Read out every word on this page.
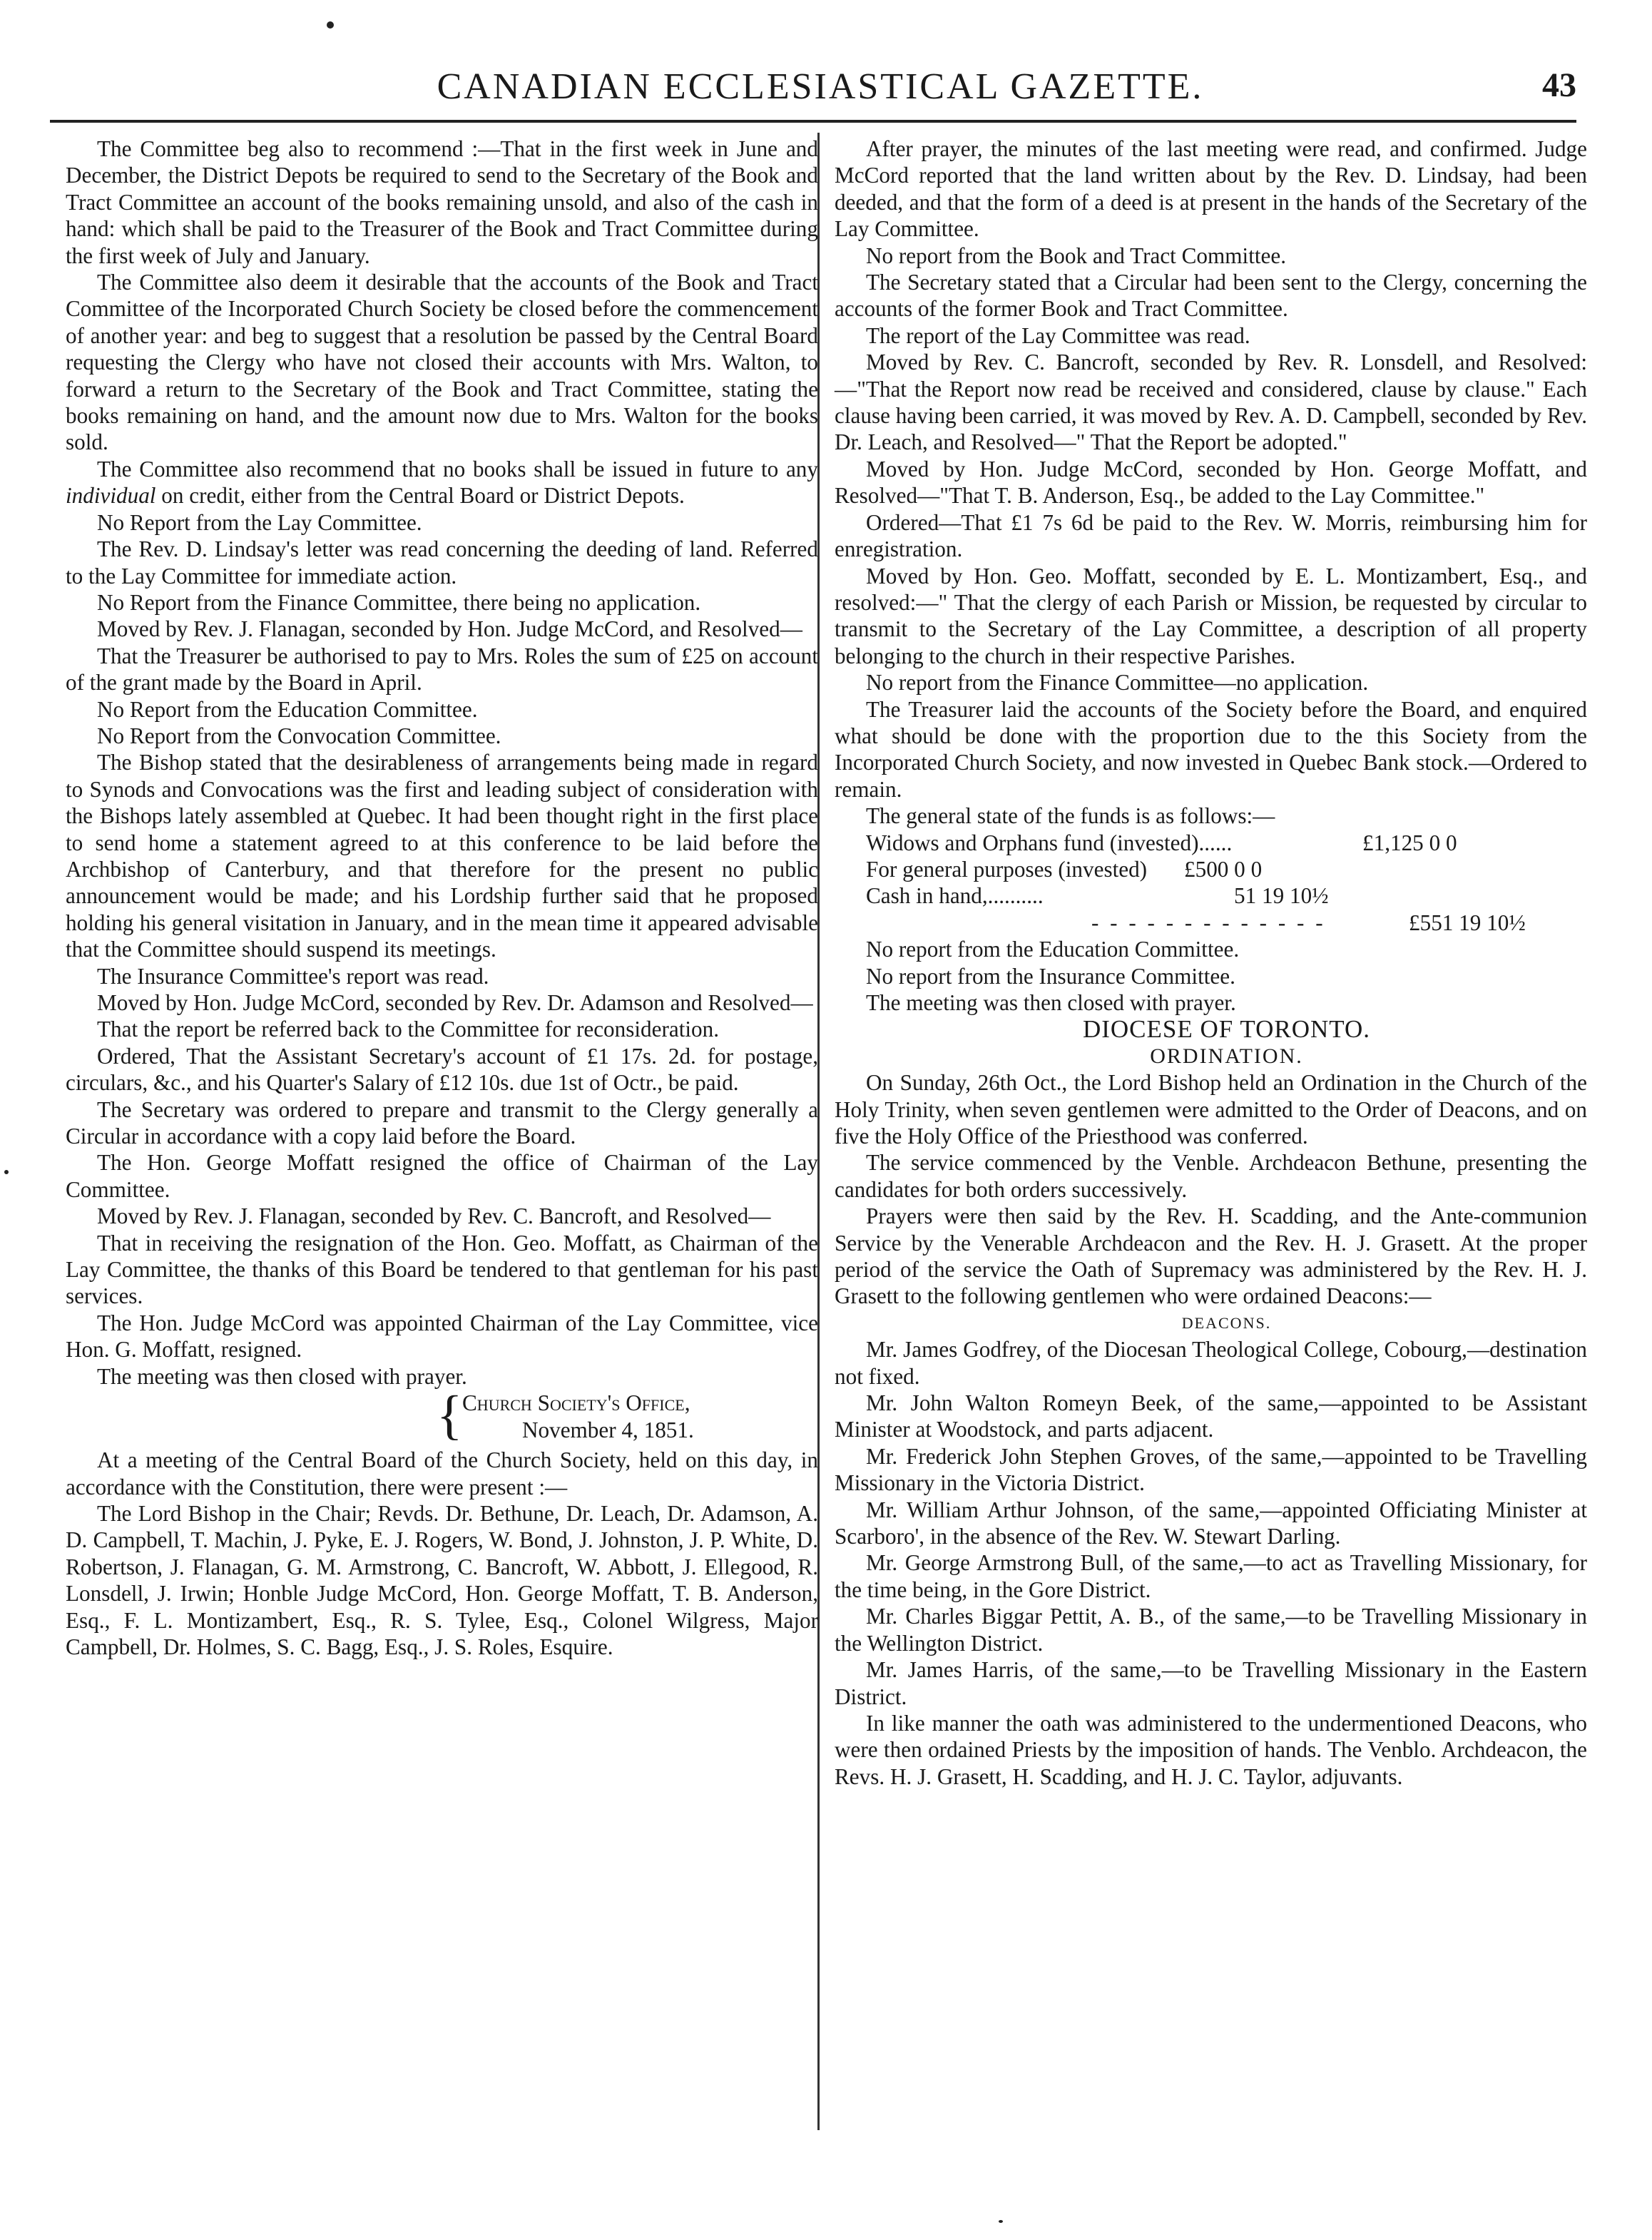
CANADIAN ECCLESIASTICAL GAZETTE.	43

The Committee beg also to recommend :—That in the first week in June and December, the District Depots be required to send to the Secretary of the Book and Tract Committee an account of the books remaining unsold, and also of the cash in hand: which shall be paid to the Treasurer of the Book and Tract Committee during the first week of July and January.

The Committee also deem it desirable that the accounts of the Book and Tract Committee of the Incorporated Church Society be closed before the commencement of another year: and beg to suggest that a resolution be passed by the Central Board requesting the Clergy who have not closed their accounts with Mrs. Walton, to forward a return to the Secretary of the Book and Tract Committee, stating the books remaining on hand, and the amount now due to Mrs. Walton for the books sold.

The Committee also recommend that no books shall be issued in future to any individual on credit, either from the Central Board or District Depots.

No Report from the Lay Committee.

The Rev. D. Lindsay's letter was read concerning the deeding of land. Referred to the Lay Committee for immediate action.

No Report from the Finance Committee, there being no application.

Moved by Rev. J. Flanagan, seconded by Hon. Judge McCord, and Resolved—

That the Treasurer be authorised to pay to Mrs. Roles the sum of £25 on account of the grant made by the Board in April.

No Report from the Education Committee.

No Report from the Convocation Committee.

The Bishop stated that the desirableness of arrangements being made in regard to Synods and Convocations was the first and leading subject of consideration with the Bishops lately assembled at Quebec. It had been thought right in the first place to send home a statement agreed to at this conference to be laid before the Archbishop of Canterbury, and that therefore for the present no public announcement would be made; and his Lordship further said that he proposed holding his general visitation in January, and in the mean time it appeared advisable that the Committee should suspend its meetings.

The Insurance Committee's report was read.

Moved by Hon. Judge McCord, seconded by Rev. Dr. Adamson and Resolved—

That the report be referred back to the Committee for reconsideration.

Ordered, That the Assistant Secretary's account of £1 17s. 2d. for postage, circulars, &c., and his Quarter's Salary of £12 10s. due 1st of Octr., be paid.

The Secretary was ordered to prepare and transmit to the Clergy generally a Circular in accordance with a copy laid before the Board.

The Hon. George Moffatt resigned the office of Chairman of the Lay Committee.

Moved by Rev. J. Flanagan, seconded by Rev. C. Bancroft, and Resolved—

That in receiving the resignation of the Hon. Geo. Moffatt, as Chairman of the Lay Committee, the thanks of this Board be tendered to that gentleman for his past services.

The Hon. Judge McCord was appointed Chairman of the Lay Committee, vice Hon. G. Moffatt, resigned.

The meeting was then closed with prayer.

{ Church Society's Office,
November 4, 1851.

At a meeting of the Central Board of the Church Society, held on this day, in accordance with the Constitution, there were present :—

The Lord Bishop in the Chair; Revds. Dr. Bethune, Dr. Leach, Dr. Adamson, A. D. Campbell, T. Machin, J. Pyke, E. J. Rogers, W. Bond, J. Johnston, J. P. White, D. Robertson, J. Flanagan, G. M. Armstrong, C. Bancroft, W. Abbott, J. Ellegood, R. Lonsdell, J. Irwin; Honble Judge McCord, Hon. George Moffatt, T. B. Anderson, Esq., F. L. Montizambert, Esq., R. S. Tylee, Esq., Colonel Wilgress, Major Campbell, Dr. Holmes, S. C. Bagg, Esq., J. S. Roles, Esquire.

After prayer, the minutes of the last meeting were read, and confirmed. Judge McCord reported that the land written about by the Rev. D. Lindsay, had been deeded, and that the form of a deed is at present in the hands of the Secretary of the Lay Committee.

No report from the Book and Tract Committee.

The Secretary stated that a Circular had been sent to the Clergy, concerning the accounts of the former Book and Tract Committee.

The report of the Lay Committee was read.

Moved by Rev. C. Bancroft, seconded by Rev. R. Lonsdell, and Resolved:—"That the Report now read be received and considered, clause by clause." Each clause having been carried, it was moved by Rev. A. D. Campbell, seconded by Rev. Dr. Leach, and Resolved—" That the Report be adopted."

Moved by Hon. Judge McCord, seconded by Hon. George Moffatt, and Resolved—"That T. B. Anderson, Esq., be added to the Lay Committee."

Ordered—That £1 7s 6d be paid to the Rev. W. Morris, reimbursing him for enregistration.

Moved by Hon. Geo. Moffatt, seconded by E. L. Montizambert, Esq., and resolved:—" That the clergy of each Parish or Mission, be requested by circular to transmit to the Secretary of the Lay Committee, a description of all property belonging to the church in their respective Parishes.

No report from the Finance Committee—no application.

The Treasurer laid the accounts of the Society before the Board, and enquired what should be done with the proportion due to the this Society from the Incorporated Church Society, and now invested in Quebec Bank stock.—Ordered to remain.

The general state of the funds is as follows:—

Widows and Orphans fund (invested)......	£1,125 0 0
For general purposes (invested) £500 0 0
Cash in hand,..........	51 19 10½
- - - - - - - - - - - - -	£551 19 10½

No report from the Education Committee.

No report from the Insurance Committee.

The meeting was then closed with prayer.

DIOCESE OF TORONTO.

ORDINATION.

On Sunday, 26th Oct., the Lord Bishop held an Ordination in the Church of the Holy Trinity, when seven gentlemen were admitted to the Order of Deacons, and on five the Holy Office of the Priesthood was conferred.

The service commenced by the Venble. Archdeacon Bethune, presenting the candidates for both orders successively.

Prayers were then said by the Rev. H. Scadding, and the Ante-communion Service by the Venerable Archdeacon and the Rev. H. J. Grasett. At the proper period of the service the Oath of Supremacy was administered by the Rev. H. J. Grasett to the following gentlemen who were ordained Deacons:—

DEACONS.

Mr. James Godfrey, of the Diocesan Theological College, Cobourg,—destination not fixed.

Mr. John Walton Romeyn Beek, of the same,—appointed to be Assistant Minister at Woodstock, and parts adjacent.

Mr. Frederick John Stephen Groves, of the same,—appointed to be Travelling Missionary in the Victoria District.

Mr. William Arthur Johnson, of the same,—appointed Officiating Minister at Scarboro', in the absence of the Rev. W. Stewart Darling.

Mr. George Armstrong Bull, of the same,—to act as Travelling Missionary, for the time being, in the Gore District.

Mr. Charles Biggar Pettit, A. B., of the same,—to be Travelling Missionary in the Wellington District.

Mr. James Harris, of the same,—to be Travelling Missionary in the Eastern District.

In like manner the oath was administered to the undermentioned Deacons, who were then ordained Priests by the imposition of hands. The Venblo. Archdeacon, the Revs. H. J. Grasett, H. Scadding, and H. J. C. Taylor, adjuvants.
